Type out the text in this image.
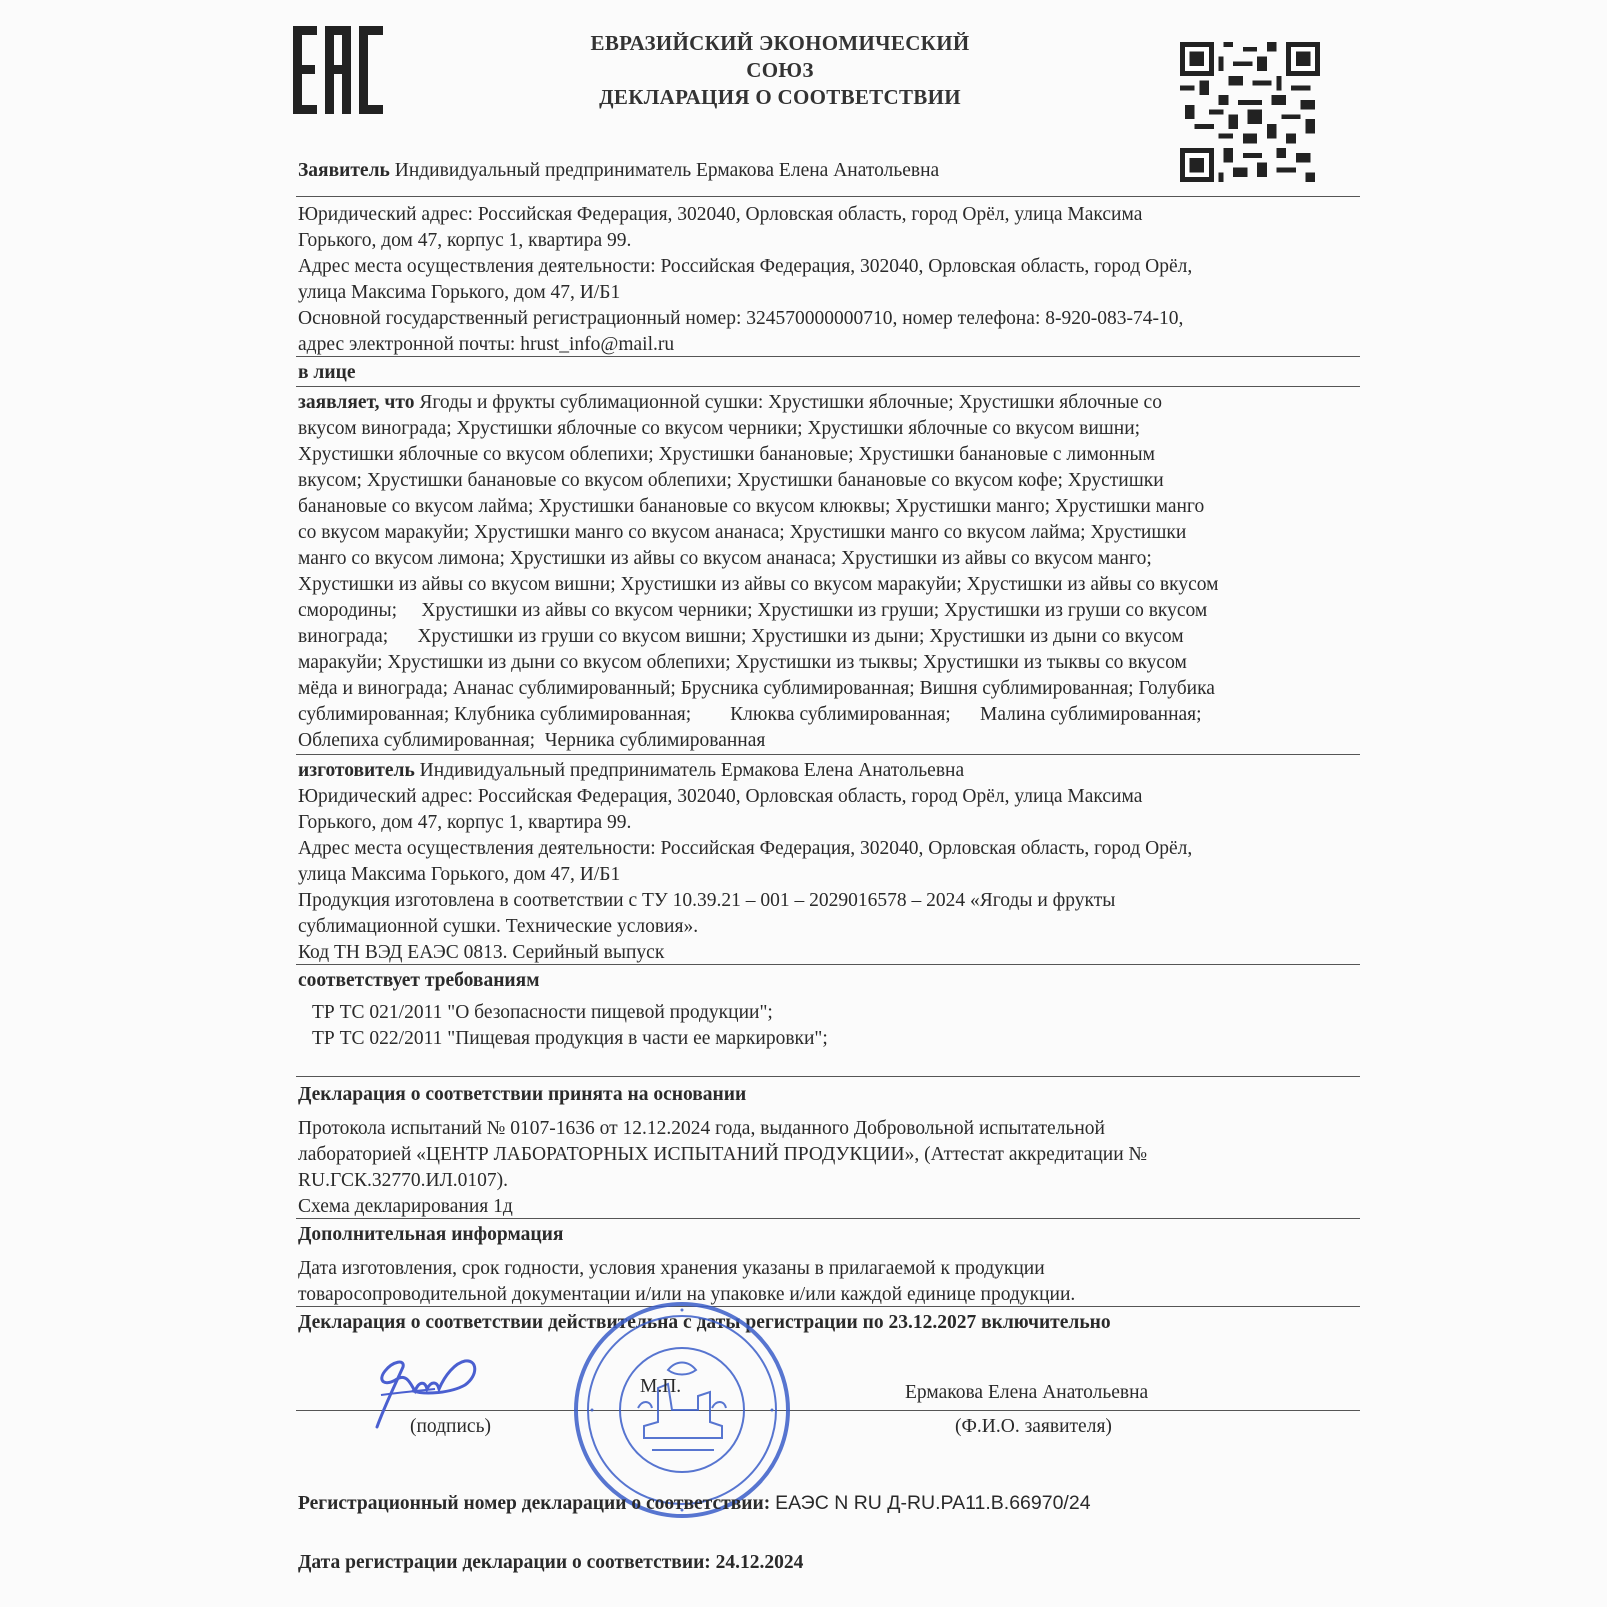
ЕВРАЗИЙСКИЙ ЭКОНОМИЧЕСКИЙ СОЮЗ
ДЕКЛАРАЦИЯ О СООТВЕТСТВИИ
Заявитель Индивидуальный предприниматель Ермакова Елена Анатольевна
Юридический адрес: Российская Федерация, 302040, Орловская область, город Орёл, улица Максима
Горького, дом 47, корпус 1, квартира 99.
Адрес места осуществления деятельности: Российская Федерация, 302040, Орловская область, город Орёл,
улица Максима Горького, дом 47, И/Б1
Основной государственный регистрационный номер: 324570000000710, номер телефона: 8-920-083-74-10,
адрес электронной почты: hrust_info@mail.ru
в лице
заявляет, что Ягоды и фрукты сублимационной сушки: Хрустишки яблочные; Хрустишки яблочные со
вкусом винограда; Хрустишки яблочные со вкусом черники; Хрустишки яблочные со вкусом вишни;
Хрустишки яблочные со вкусом облепихи; Хрустишки банановые; Хрустишки банановые с лимонным
вкусом; Хрустишки банановые со вкусом облепихи; Хрустишки банановые со вкусом кофе; Хрустишки
банановые со вкусом лайма; Хрустишки банановые со вкусом клюквы; Хрустишки манго; Хрустишки манго
со вкусом маракуйи; Хрустишки манго со вкусом ананаса; Хрустишки манго со вкусом лайма; Хрустишки
манго со вкусом лимона; Хрустишки из айвы со вкусом ананаса; Хрустишки из айвы со вкусом манго;
Хрустишки из айвы со вкусом вишни; Хрустишки из айвы со вкусом маракуйи; Хрустишки из айвы со вкусом
смородины;     Хрустишки из айвы со вкусом черники; Хрустишки из груши; Хрустишки из груши со вкусом
винограда;      Хрустишки из груши со вкусом вишни; Хрустишки из дыни; Хрустишки из дыни со вкусом
маракуйи; Хрустишки из дыни со вкусом облепихи; Хрустишки из тыквы; Хрустишки из тыквы со вкусом
мёда и винограда; Ананас сублимированный; Брусника сублимированная; Вишня сублимированная; Голубика
сублимированная; Клубника сублимированная;        Клюква сублимированная;      Малина сублимированная;
Облепиха сублимированная;  Черника сублимированная
изготовитель Индивидуальный предприниматель Ермакова Елена Анатольевна
Юридический адрес: Российская Федерация, 302040, Орловская область, город Орёл, улица Максима
Горького, дом 47, корпус 1, квартира 99.
Адрес места осуществления деятельности: Российская Федерация, 302040, Орловская область, город Орёл,
улица Максима Горького, дом 47, И/Б1
Продукция изготовлена в соответствии с ТУ 10.39.21 – 001 – 2029016578 – 2024 «Ягоды и фрукты
сублимационной сушки. Технические условия».
Код ТН ВЭД ЕАЭС 0813. Серийный выпуск
соответствует требованиям
ТР ТС 021/2011 "О безопасности пищевой продукции";
ТР ТС 022/2011 "Пищевая продукция в части ее маркировки";
Декларация о соответствии принята на основании
Протокола испытаний № 0107-1636 от 12.12.2024 года, выданного Добровольной испытательной
лабораторией «ЦЕНТР ЛАБОРАТОРНЫХ ИСПЫТАНИЙ ПРОДУКЦИИ», (Аттестат аккредитации №
RU.ГСК.32770.ИЛ.0107).
Схема декларирования 1д
Дополнительная информация
Дата изготовления, срок годности, условия хранения указаны в прилагаемой к продукции
товаросопроводительной документации и/или на упаковке и/или каждой единице продукции.
Декларация о соответствии действительна с даты регистрации по 23.12.2027 включительно
(подпись)
М.П.	Ермакова Елена Анатольевна
(Ф.И.О. заявителя)
Регистрационный номер декларации о соответствии: ЕАЭС N RU Д-RU.PA11.B.66970/24
Дата регистрации декларации о соответствии: 24.12.2024
